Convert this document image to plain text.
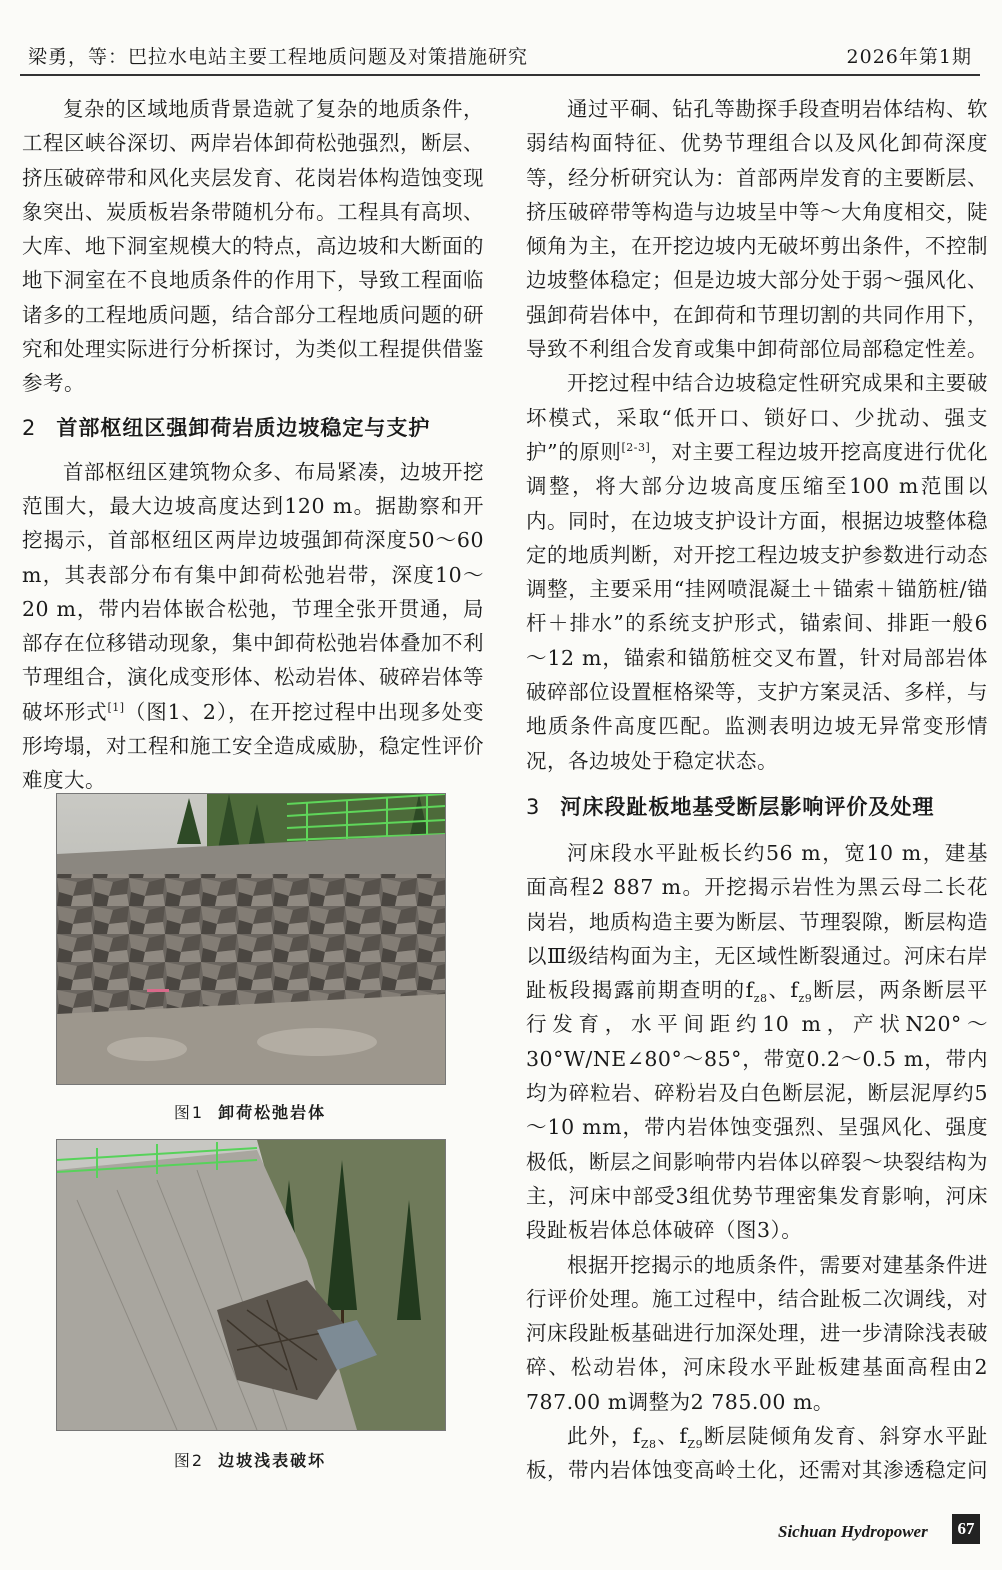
梁勇，等：巴拉水电站主要工程地质问题及对策措施研究	2026年第1期

复杂的区域地质背景造就了复杂的地质条件，工程区峡谷深切、两岸岩体卸荷松弛强烈，断层、挤压破碎带和风化夹层发育、花岗岩体构造蚀变现象突出、炭质板岩条带随机分布。工程具有高坝、大库、地下洞室规模大的特点，高边坡和大断面的地下洞室在不良地质条件的作用下，导致工程面临诸多的工程地质问题，结合部分工程地质问题的研究和处理实际进行分析探讨，为类似工程提供借鉴参考。

2 首部枢纽区强卸荷岩质边坡稳定与支护

首部枢纽区建筑物众多、布局紧凑，边坡开挖范围大，最大边坡高度达到120 m。据勘察和开挖揭示，首部枢纽区两岸边坡强卸荷深度50～60 m，其表部分布有集中卸荷松弛岩带，深度10～20 m，带内岩体嵌合松弛，节理全张开贯通，局部存在位移错动现象，集中卸荷松弛岩体叠加不利节理组合，演化成变形体、松动岩体、破碎岩体等破坏形式[1]（图1、2），在开挖过程中出现多处变形垮塌，对工程和施工安全造成威胁，稳定性评价难度大。

图1 卸荷松弛岩体
图2 边坡浅表破坏

通过平硐、钻孔等勘探手段查明岩体结构、软弱结构面特征、优势节理组合以及风化卸荷深度等，经分析研究认为：首部两岸发育的主要断层、挤压破碎带等构造与边坡呈中等～大角度相交，陡倾角为主，在开挖边坡内无破坏剪出条件，不控制边坡整体稳定；但是边坡大部分处于弱～强风化、强卸荷岩体中，在卸荷和节理切割的共同作用下，导致不利组合发育或集中卸荷部位局部稳定性差。

开挖过程中结合边坡稳定性研究成果和主要破坏模式，采取“低开口、锁好口、少扰动、强支护”的原则[2-3]，对主要工程边坡开挖高度进行优化调整，将大部分边坡高度压缩至100 m范围以内。同时，在边坡支护设计方面，根据边坡整体稳定的地质判断，对开挖工程边坡支护参数进行动态调整，主要采用“挂网喷混凝土＋锚索＋锚筋桩/锚杆＋排水”的系统支护形式，锚索间、排距一般6～12 m，锚索和锚筋桩交叉布置，针对局部岩体破碎部位设置框格梁等，支护方案灵活、多样，与地质条件高度匹配。监测表明边坡无异常变形情况，各边坡处于稳定状态。

3 河床段趾板地基受断层影响评价及处理

河床段水平趾板长约56 m，宽10 m，建基面高程2 887 m。开挖揭示岩性为黑云母二长花岗岩，地质构造主要为断层、节理裂隙，断层构造以Ⅲ级结构面为主，无区域性断裂通过。河床右岸趾板段揭露前期查明的$f_{z8}$、$f_{z9}$断层，两条断层平行发育，水平间距约10 m，产状N20°～30°W/NE∠80°～85°，带宽0.2～0.5 m，带内均为碎粒岩、碎粉岩及白色断层泥，断层泥厚约5～10 mm，带内岩体蚀变强烈、呈强风化、强度极低，断层之间影响带内岩体以碎裂～块裂结构为主，河床中部受3组优势节理密集发育影响，河床段趾板岩体总体破碎（图3）。

根据开挖揭示的地质条件，需要对建基条件进行评价处理。施工过程中，结合趾板二次调线，对河床段趾板基础进行加深处理，进一步清除浅表破碎、松动岩体，河床段水平趾板建基面高程由2 787.00 m调整为2 785.00 m。

此外，$f_{Z8}$、$f_{Z9}$断层陡倾角发育、斜穿水平趾板，带内岩体蚀变高岭土化，还需对其渗透稳定问

Sichuan Hydropower	67
